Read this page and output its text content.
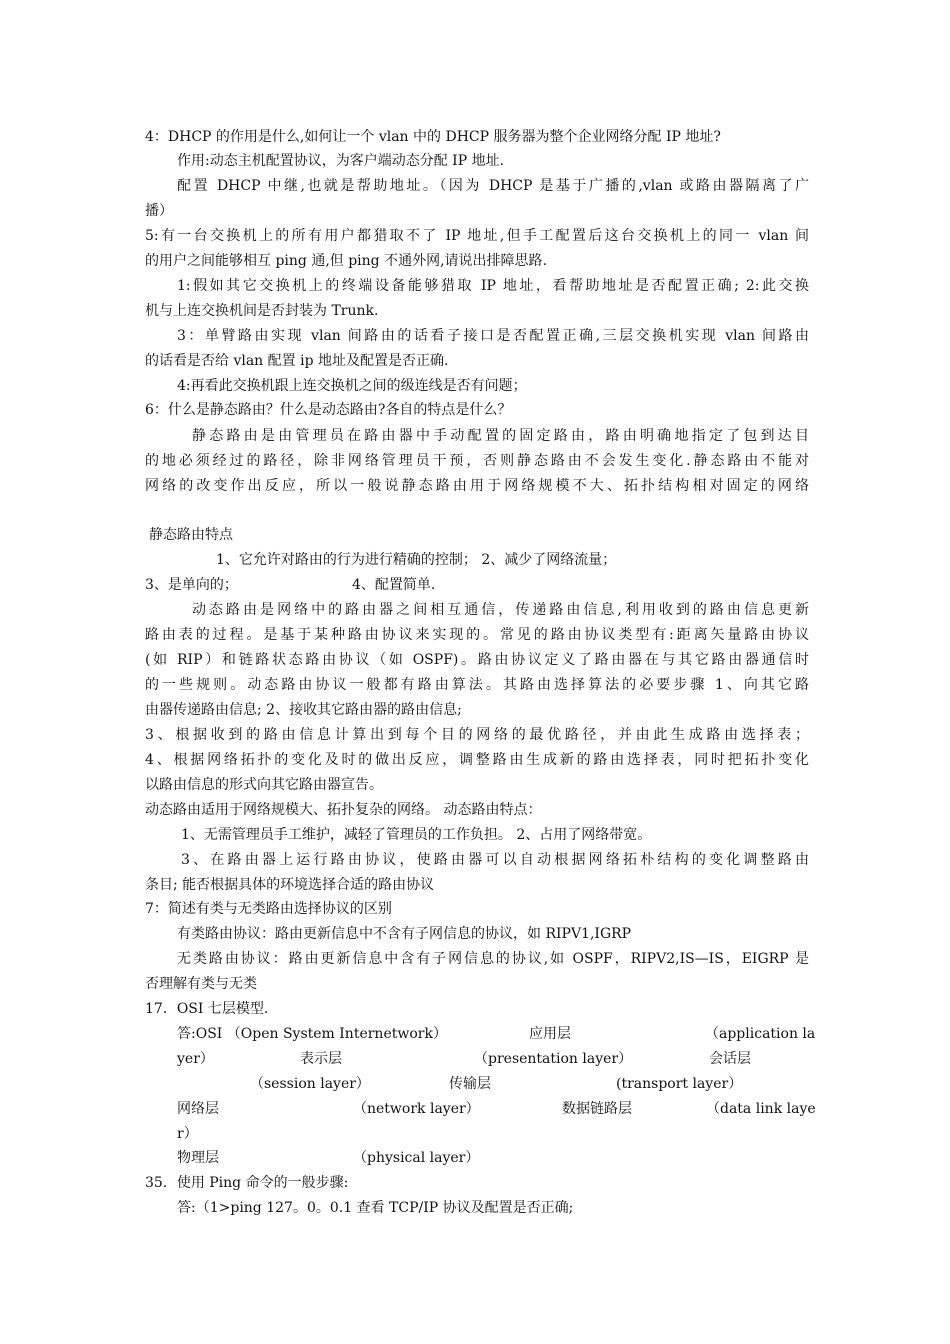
4：DHCP 的作用是什么,如何让一个 vlan 中的 DHCP 服务器为整个企业网络分配 IP 地址?
作用:动态主机配置协议，为客户端动态分配 IP 地址.
配置 DHCP 中继,也就是帮助地址。（因为 DHCP 是基于广播的,vlan 或路由器隔离了广
播）
5:有一台交换机上的所有用户都猎取不了 IP 地址,但手工配置后这台交换机上的同一 vlan 间
的用户之间能够相互 ping 通,但 ping 不通外网,请说出排障思路.
1:假如其它交换机上的终端设备能够猎取 IP 地址，看帮助地址是否配置正确; 2:此交换
机与上连交换机间是否封装为 Trunk.
3：单臂路由实现 vlan 间路由的话看子接口是否配置正确,三层交换机实现 vlan 间路由
的话看是否给 vlan 配置 ip 地址及配置是否正确.
4:再看此交换机跟上连交换机之间的级连线是否有问题；
6：什么是静态路由？什么是动态路由?各自的特点是什么？
静态路由是由管理员在路由器中手动配置的固定路由，路由明确地指定了包到达目
的地必须经过的路径，除非网络管理员干预，否则静态路由不会发生变化.静态路由不能对
网络的改变作出反应，所以一般说静态路由用于网络规模不大、拓扑结构相对固定的网络
静态路由特点
1、它允许对路由的行为进行精确的控制； 2、减少了网络流量；
3、是单向的；	4、配置简单.
动态路由是网络中的路由器之间相互通信，传递路由信息,利用收到的路由信息更新
路由表的过程。是基于某种路由协议来实现的。常见的路由协议类型有:距离矢量路由协议
(如 RIP）和链路状态路由协议（如 OSPF)。路由协议定义了路由器在与其它路由器通信时
的一些规则。动态路由协议一般都有路由算法。其路由选择算法的必要步骤 1、向其它路
由器传递路由信息; 2、接收其它路由器的路由信息;
3、根据收到的路由信息计算出到每个目的网络的最优路径，并由此生成路由选择表；
4、根据网络拓扑的变化及时的做出反应，调整路由生成新的路由选择表，同时把拓扑变化
以路由信息的形式向其它路由器宣告。
动态路由适用于网络规模大、拓扑复杂的网络。 动态路由特点：
1、无需管理员手工维护，减轻了管理员的工作负担。 2、占用了网络带宽。
3、在路由器上运行路由协议，使路由器可以自动根据网络拓朴结构的变化调整路由
条目; 能否根据具体的环境选择合适的路由协议
7：简述有类与无类路由选择协议的区别
有类路由协议：路由更新信息中不含有子网信息的协议，如 RIPV1,IGRP
无类路由协议：路由更新信息中含有子网信息的协议,如 OSPF，RIPV2,IS—IS，EIGRP 是
否理解有类与无类
17．OSI 七层模型.
答:OSI （Open System Internetwork）	应用层	（application la
yer）	表示层	（presentation layer）	会话层
（session layer）	传输层	(transport layer）
网络层	（network layer）	数据链路层	（data link laye
r）
物理层	（physical layer）
35．使用 Ping 命令的一般步骤:
答:（1>ping 127。0。0.1 查看 TCP/IP 协议及配置是否正确;
